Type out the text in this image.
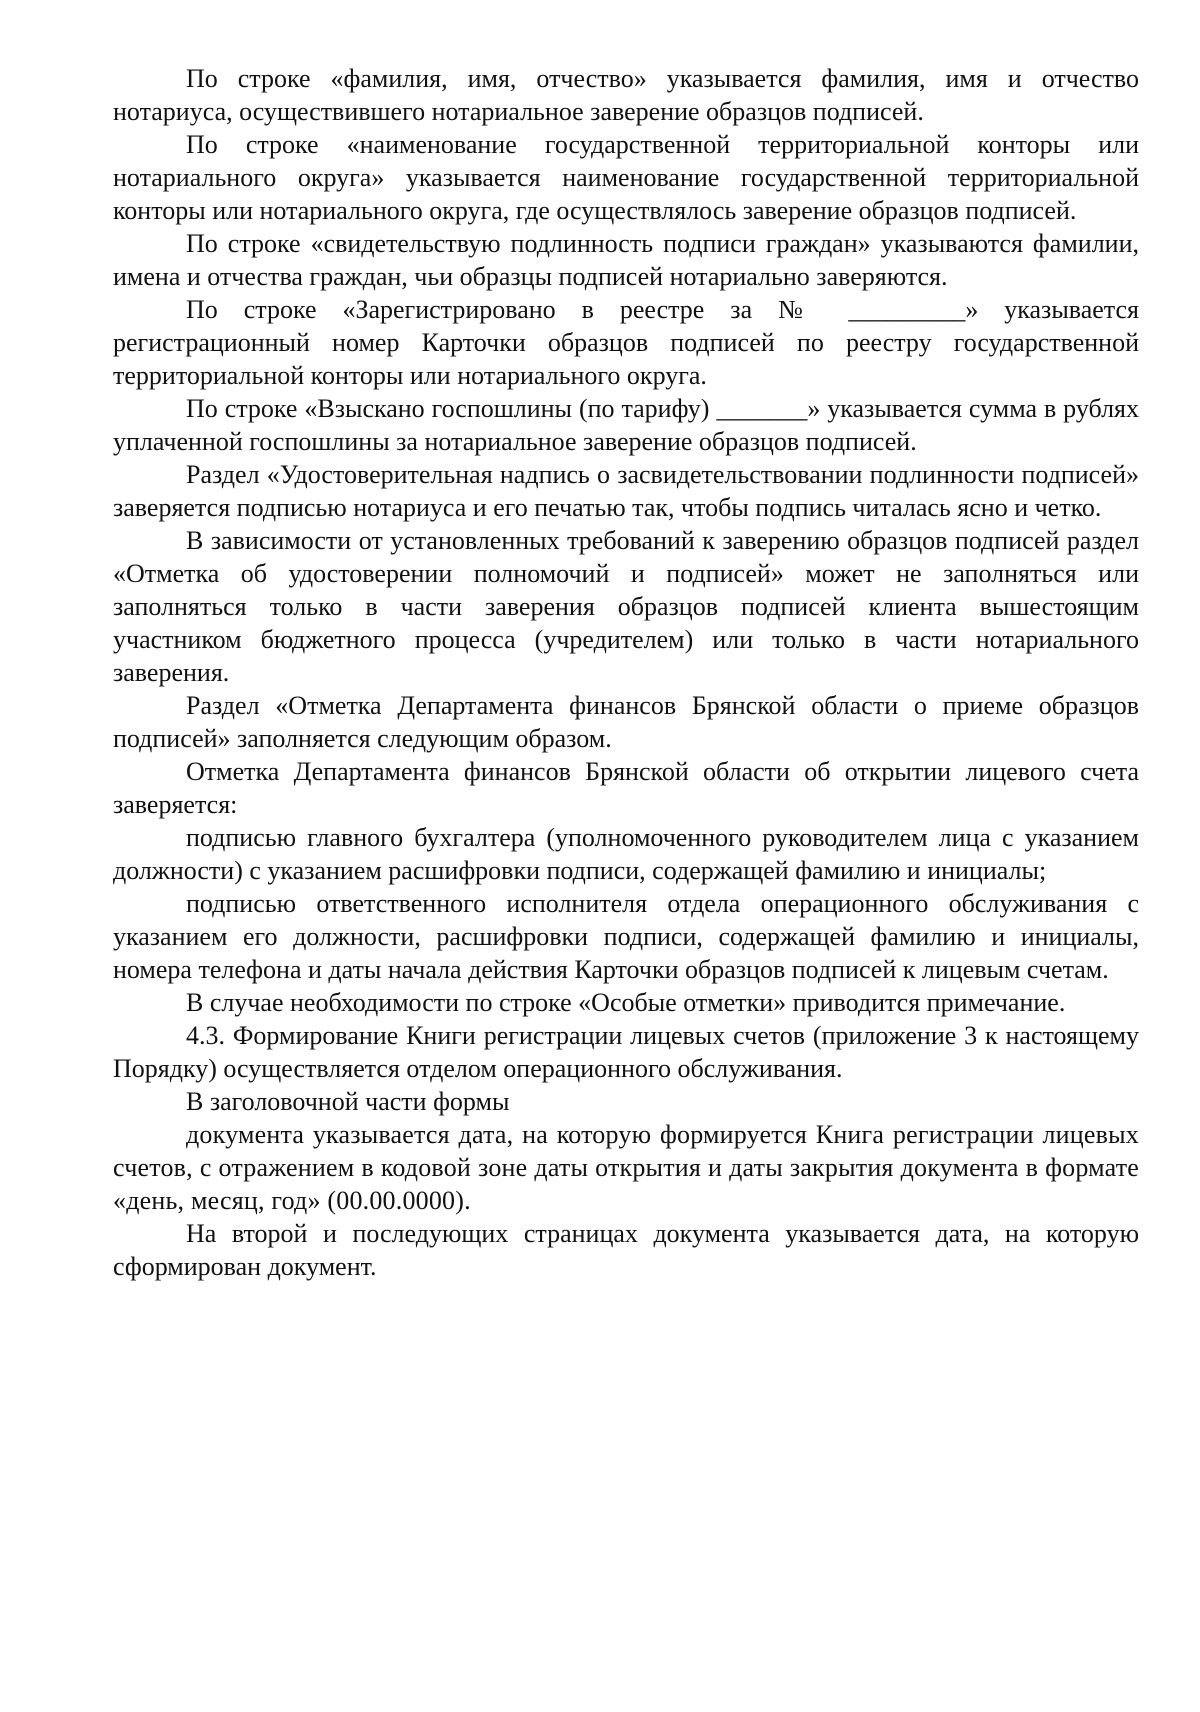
По строке «фамилия, имя, отчество» указывается фамилия, имя и отчество нотариуса, осуществившего нотариальное заверение образцов подписей.

По строке «наименование государственной территориальной конторы или нотариального округа» указывается наименование государственной территориальной конторы или нотариального округа, где осуществлялось заверение образцов подписей.

По строке «свидетельствую подлинность подписи граждан» указываются фамилии, имена и отчества граждан, чьи образцы подписей нотариально заверяются.

По строке «Зарегистрировано в реестре за № _________» указывается регистрационный номер Карточки образцов подписей по реестру государственной территориальной конторы или нотариального округа.

По строке «Взыскано госпошлины (по тарифу) _______» указывается сумма в рублях уплаченной госпошлины за нотариальное заверение образцов подписей.

Раздел «Удостоверительная надпись о засвидетельствовании подлинности подписей» заверяется подписью нотариуса и его печатью так, чтобы подпись читалась ясно и четко.

В зависимости от установленных требований к заверению образцов подписей раздел «Отметка об удостоверении полномочий и подписей» может не заполняться или заполняться только в части заверения образцов подписей клиента вышестоящим участником бюджетного процесса (учредителем) или только в части нотариального заверения.

Раздел «Отметка Департамента финансов Брянской области о приеме образцов подписей» заполняется следующим образом.

Отметка Департамента финансов Брянской области об открытии лицевого счета заверяется:

подписью главного бухгалтера (уполномоченного руководителем лица с указанием должности) с указанием расшифровки подписи, содержащей фамилию и инициалы;

подписью ответственного исполнителя отдела операционного обслуживания с указанием его должности, расшифровки подписи, содержащей фамилию и инициалы, номера телефона и даты начала действия Карточки образцов подписей к лицевым счетам.

В случае необходимости по строке «Особые отметки» приводится примечание.

4.3. Формирование Книги регистрации лицевых счетов (приложение 3 к настоящему Порядку) осуществляется отделом операционного обслуживания.

В заголовочной части формы

документа указывается дата, на которую формируется Книга регистрации лицевых счетов, с отражением в кодовой зоне даты открытия и даты закрытия документа в формате «день, месяц, год» (00.00.0000).

На второй и последующих страницах документа указывается дата, на которую сформирован документ.
